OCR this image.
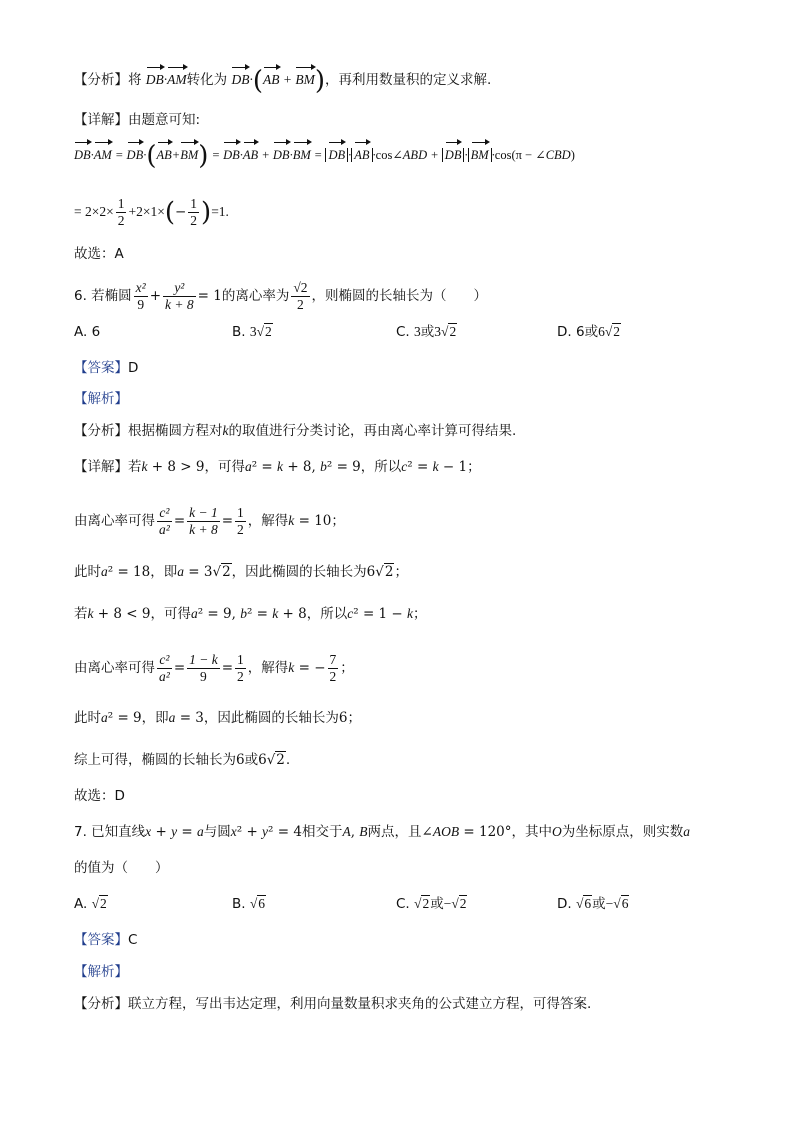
【分析】将 DB·AM转化为 DB·(AB + BM)，再利用数量积的定义求解.
【详解】由题意可知:
DB·AM = DB·(AB+BM) = DB·AB + DB·BM = DB · AB ·cos∠ABD + DB · BM ·cos(π − ∠CBD)
= $2\times 2\times \frac{1}{2} +2\times 1\times(- \frac{1}{2} )=1$.
故选：A
6. 若椭圆 $\frac{\text{x²}}{9} + \frac{\text{y²}}{k + 8} = 1$的离心率为 $\frac{√2}{2}$ ，则椭圆的长轴长为（　　）
A. 6	B. 3√2	C. 3或3√2	D. 6或6√2
【答案】D
【解析】
【分析】根据椭圆方程对k的取值进行分类讨论，再由离心率计算可得结果.
【详解】若k + 8 > 9，可得a² = k + 8, b² = 9，所以c² = k − 1；
由离心率可得 $\frac{\text{c²}}{\text{a²}} = \frac{k - 1}{k + 8} = \frac{1}{2}$ ，解得k = 10；
此时a² = 18，即a = 3√2，因此椭圆的长轴长为6√2；
若k + 8 < 9，可得a² = 9, b² = k + 8，所以c² = 1 − k；
由离心率可得 $\frac{\text{c²}}{\text{a²}} = \frac{1 - k}{9} = \frac{1}{2}$ ，解得k = − $\frac{7}{2}$ ；
此时a² = 9，即a = 3，因此椭圆的长轴长为6；
综上可得，椭圆的长轴长为6或6√2.
故选：D
7. 已知直线x + y = a与圆x² + y² = 4相交于A, B两点，且∠AOB = 120°，其中O为坐标原点，则实数a
的值为（　　）
A. √2	B. √6	C. √2或−√2	D. √6或−√6
【答案】C
【解析】
【分析】联立方程，写出韦达定理，利用向量数量积求夹角的公式建立方程，可得答案.
